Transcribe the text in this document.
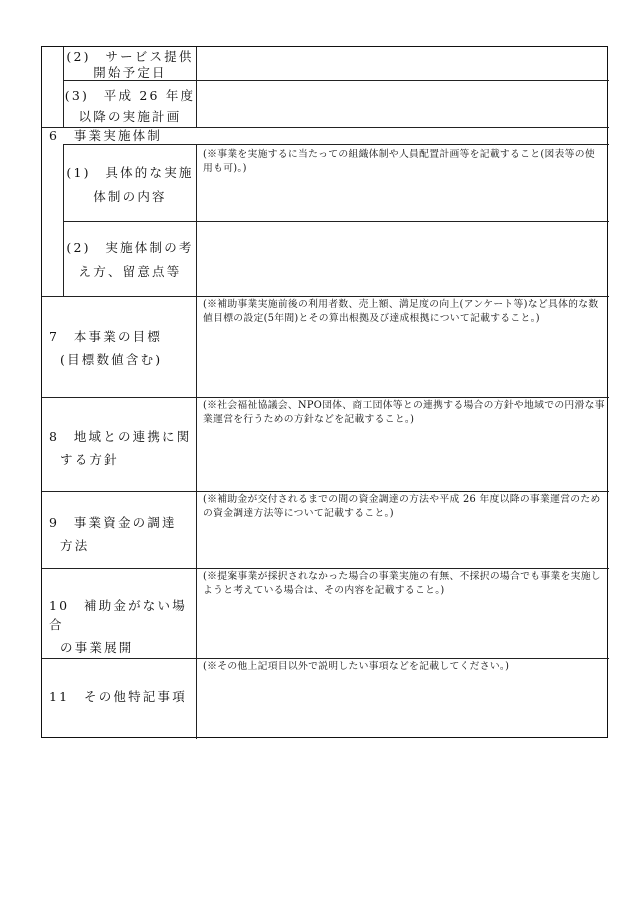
(2)　サービス提供
開始予定日
(3)　平成 26 年度
以降の実施計画
6　事業実施体制
(1)　具体的な実施
体制の内容
(※事業を実施するに当たっての組織体制や人員配置計画等を記載すること(図表等の使用も可)。)
(2)　実施体制の考
え方、留意点等
7　本事業の目標
(目標数値含む)
(※補助事業実施前後の利用者数、売上額、満足度の向上(アンケート等)など具体的な数値目標の設定(5年間)とその算出根拠及び達成根拠について記載すること。)
8　地域との連携に関
する方針
(※社会福祉協議会、NPO団体、商工団体等との連携する場合の方針や地域での円滑な事業運営を行うための方針などを記載すること。)
9　事業資金の調達
方法
(※補助金が交付されるまでの間の資金調達の方法や平成 26 年度以降の事業運営のための資金調達方法等について記載すること。)
10　補助金がない場合
の事業展開
(※提案事業が採択されなかった場合の事業実施の有無、不採択の場合でも事業を実施しようと考えている場合は、その内容を記載すること。)
11　その他特記事項
(※その他上記項目以外で説明したい事項などを記載してください。)
